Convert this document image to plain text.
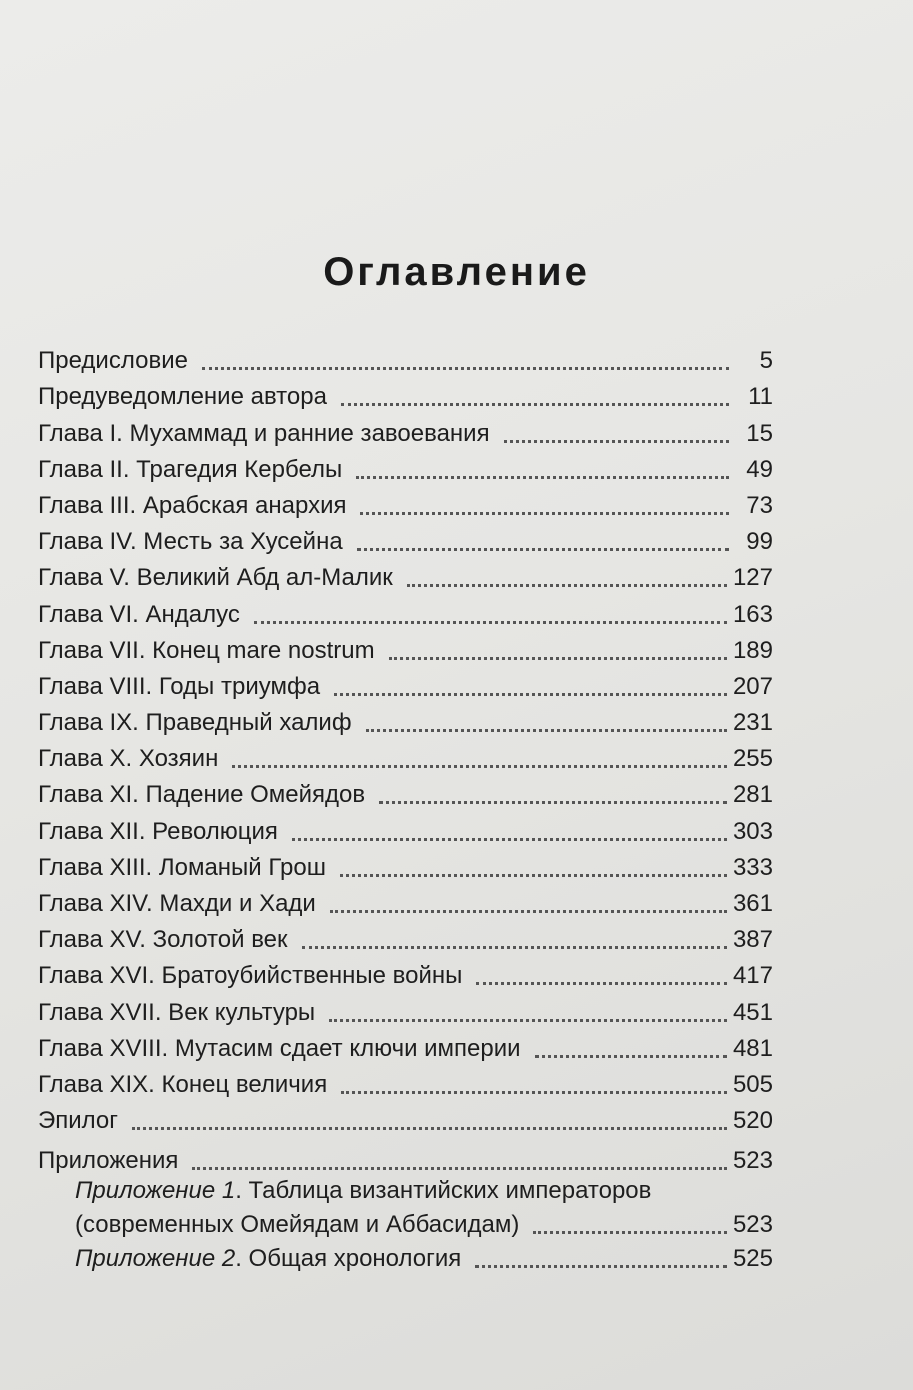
Оглавление
Предисловие	5
Предуведомление автора	11
Глава I. Мухаммад и ранние завоевания	15
Глава II. Трагедия Кербелы	49
Глава III. Арабская анархия	73
Глава IV. Месть за Хусейна	99
Глава V. Великий Абд ал-Малик	127
Глава VI. Андалус	163
Глава VII. Конец mare nostrum	189
Глава VIII. Годы триумфа	207
Глава IX. Праведный халиф	231
Глава X. Хозяин	255
Глава XI. Падение Омейядов	281
Глава XII. Революция	303
Глава XIII. Ломаный Грош	333
Глава XIV. Махди и Хади	361
Глава XV. Золотой век	387
Глава XVI. Братоубийственные войны	417
Глава XVII. Век культуры	451
Глава XVIII. Мутасим сдает ключи империи	481
Глава XIX. Конец величия	505
Эпилог	520
Приложения	523
Приложение 1. Таблица византийских императоров
(современных Омейядам и Аббасидам)	523
Приложение 2. Общая хронология	525
